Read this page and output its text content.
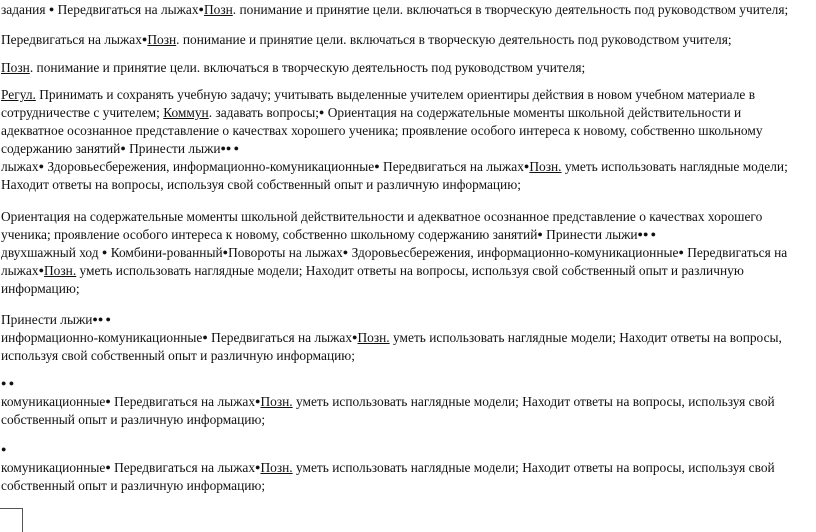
задания ● Передвигаться на лыжах●Позн. понимание и принятие цели. включаться в творческую деятельность под руководством учителя;
Передвигаться на лыжах●Позн. понимание и принятие цели. включаться в творческую деятельность под руководством учителя;
Позн. понимание и принятие цели. включаться в творческую деятельность под руководством учителя;
Регул. Принимать и сохранять учебную задачу; учитывать выделенные учителем ориентиры действия в новом учебном материале в
сотрудничестве с учителем; Коммун. задавать вопросы;● Ориентация на содержательные моменты школьной действительности и
адекватное осознанное представление о качествах хорошего ученика; проявление особого интереса к новому, собственно школьному
содержанию занятий● Принести лыжи●● ●
лыжах● Здоровьесбережения, информационно-комуникационные● Передвигаться на лыжах●Позн. уметь использовать наглядные модели;
Находит ответы на вопросы, используя свой собственный опыт и различную информацию;
Ориентация на содержательные моменты школьной действительности и адекватное осознанное представление о качествах хорошего
ученика; проявление особого интереса к новому, собственно школьному содержанию занятий● Принести лыжи●● ●
двухшажный ход ● Комбини-рованный●Повороты на лыжах● Здоровьесбережения, информационно-комуникационные● Передвигаться на
лыжах●Позн. уметь использовать наглядные модели; Находит ответы на вопросы, используя свой собственный опыт и различную
информацию;
Принести лыжи●● ●
информационно-комуникационные● Передвигаться на лыжах●Позн. уметь использовать наглядные модели; Находит ответы на вопросы,
используя свой собственный опыт и различную информацию;
● ●
комуникационные● Передвигаться на лыжах●Позн. уметь использовать наглядные модели; Находит ответы на вопросы, используя свой
собственный опыт и различную информацию;
●
комуникационные● Передвигаться на лыжах●Позн. уметь использовать наглядные модели; Находит ответы на вопросы, используя свой
собственный опыт и различную информацию;
